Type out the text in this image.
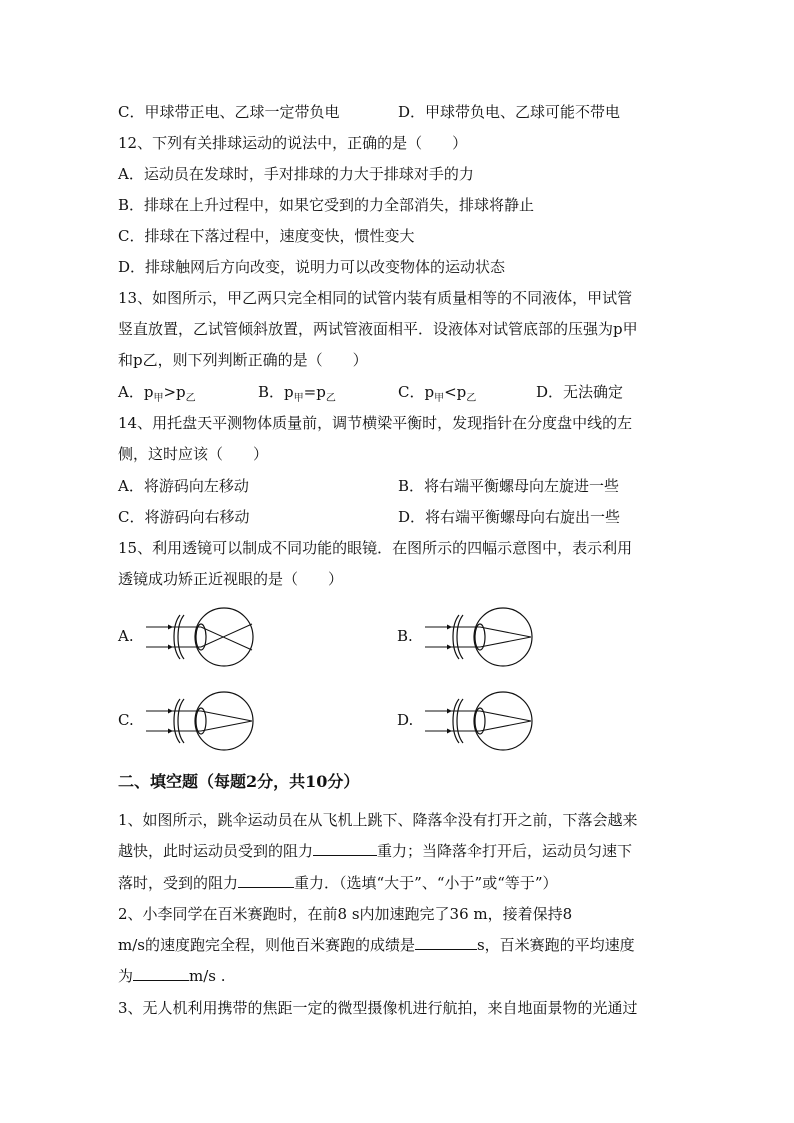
C．甲球带正电、乙球一定带负电	D．甲球带负电、乙球可能不带电
12、下列有关排球运动的说法中，正确的是（　　）
A．运动员在发球时，手对排球的力大于排球对手的力
B．排球在上升过程中，如果它受到的力全部消失，排球将静止
C．排球在下落过程中，速度变快，惯性变大
D．排球触网后方向改变，说明力可以改变物体的运动状态
13、如图所示，甲乙两只完全相同的试管内装有质量相等的不同液体，甲试管
竖直放置，乙试管倾斜放置，两试管液面相平．设液体对试管底部的压强为p甲
和p乙，则下列判断正确的是（　　）
A．$p_甲>p_乙$	B．$p_甲=p_乙$	C．$p_甲<p_乙$	D．无法确定
14、用托盘天平测物体质量前，调节横梁平衡时，发现指针在分度盘中线的左
侧，这时应该（　　）
A．将游码向左移动	B．将右端平衡螺母向左旋进一些
C．将游码向右移动	D．将右端平衡螺母向右旋出一些
15、利用透镜可以制成不同功能的眼镜．在图所示的四幅示意图中，表示利用
透镜成功矫正近视眼的是（　　）
A.	B.
C.	D.
二、填空题（每题2分，共10分）
1、如图所示，跳伞运动员在从飞机上跳下、降落伞没有打开之前，下落会越来
越快，此时运动员受到的阻力	重力；当降落伞打开后，运动员匀速下
落时，受到的阻力	重力．（选填“大于”、“小于”或“等于”）
2、小李同学在百米赛跑时，在前8 s内加速跑完了36 m，接着保持8
m/s的速度跑完全程，则他百米赛跑的成绩是	s，百米赛跑的平均速度
为	m/s .
3、无人机利用携带的焦距一定的微型摄像机进行航拍，来自地面景物的光通过
